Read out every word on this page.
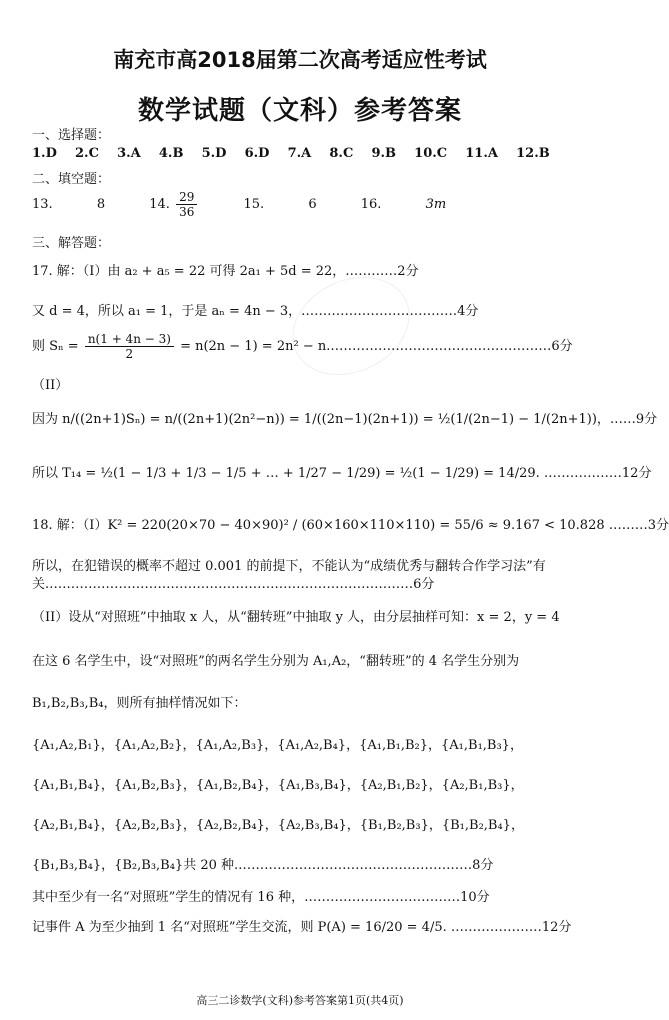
南充市高2018届第二次高考适应性考试
数学试题（文科）参考答案
一、选择题：
1.D 2.C 3.A 4.B 5.D 6.D 7.A 8.C 9.B 10.C 11.A 12.B
二、填空题：
13.	8	14. $\frac{29}{36}$	15.	6	16.	3m
三、解答题：
17. 解：（I）由 a₂ + a₅ = 22 可得 2a₁ + 5d = 22，…………2分
又 d = 4，所以 a₁ = 1，于是 aₙ = 4n − 3，………………………………4分
则 $S_n = \frac{n(1 + 4n - 3)}{2} = n(2n - 1) = 2n^2$ − n.……………………………………………6分
（II）
因为 n/((2n+1)Sₙ) = n/((2n+1)(2n²−n)) = 1/((2n−1)(2n+1)) = ½(1/(2n−1) − 1/(2n+1))，……9分
所以 T₁₄ = ½(1 − 1/3 + 1/3 − 1/5 + … + 1/27 − 1/29) = ½(1 − 1/29) = 14/29. ………………12分
18. 解：（I）K² = 220(20×70 − 40×90)² / (60×160×110×110) = 55/6 ≈ 9.167 < 10.828 ………3分
所以，在犯错误的概率不超过 0.001 的前提下，不能认为“成绩优秀与翻转合作学习法”有关.…………………………………………………………………………6分
（II）设从“对照班”中抽取 x 人，从“翻转班”中抽取 y 人，由分层抽样可知：x = 2，y = 4
在这 6 名学生中，设“对照班”的两名学生分别为 A₁,A₂，“翻转班”的 4 名学生分别为
B₁,B₂,B₃,B₄，则所有抽样情况如下：
{A₁,A₂,B₁}，{A₁,A₂,B₂}，{A₁,A₂,B₃}，{A₁,A₂,B₄}，{A₁,B₁,B₂}，{A₁,B₁,B₃}，
{A₁,B₁,B₄}，{A₁,B₂,B₃}，{A₁,B₂,B₄}，{A₁,B₃,B₄}，{A₂,B₁,B₂}，{A₂,B₁,B₃}，
{A₂,B₁,B₄}，{A₂,B₂,B₃}，{A₂,B₂,B₄}，{A₂,B₃,B₄}，{B₁,B₂,B₃}，{B₁,B₂,B₄}，
{B₁,B₃,B₄}，{B₂,B₃,B₄}共 20 种.………………………………………………8分
其中至少有一名“对照班”学生的情况有 16 种，………………………………10分
记事件 A 为至少抽到 1 名“对照班”学生交流，则 P(A) = 16/20 = 4/5. …………………12分
高三二诊数学(文科)参考答案第1页(共4页)
